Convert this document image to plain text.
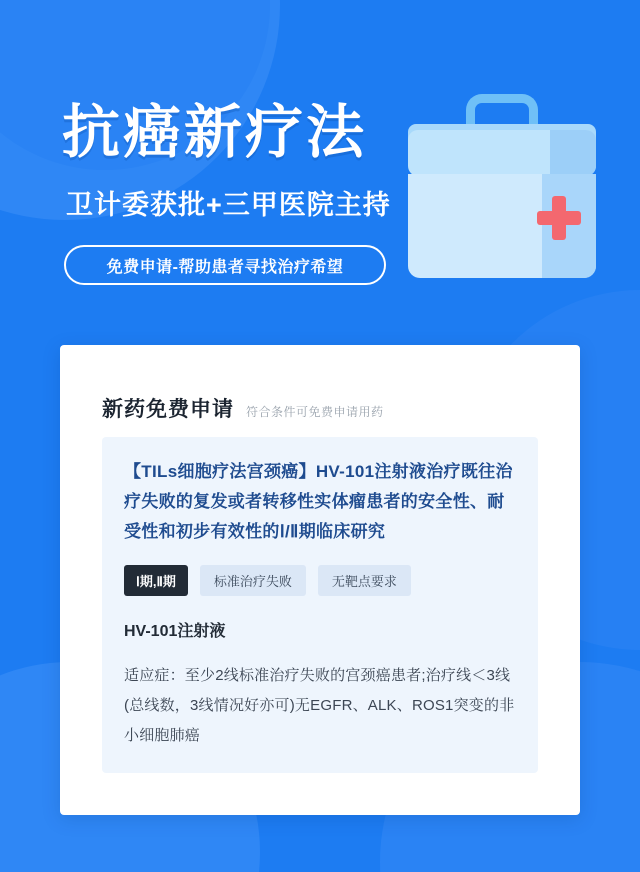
抗癌新疗法
卫计委获批+三甲医院主持
免费申请-帮助患者寻找治疗希望
新药免费申请 符合条件可免费申请用药
【TILs细胞疗法宫颈癌】HV-101注射液治疗既往治疗失败的复发或者转移性实体瘤患者的安全性、耐受性和初步有效性的Ⅰ/Ⅱ期临床研究
Ⅰ期,Ⅱ期	标准治疗失败	无靶点要求
HV-101注射液
适应症：至少2线标准治疗失败的宫颈癌患者;治疗线＜3线(总线数，3线情况好亦可)无EGFR、ALK、ROS1突变的非小细胞肺癌
